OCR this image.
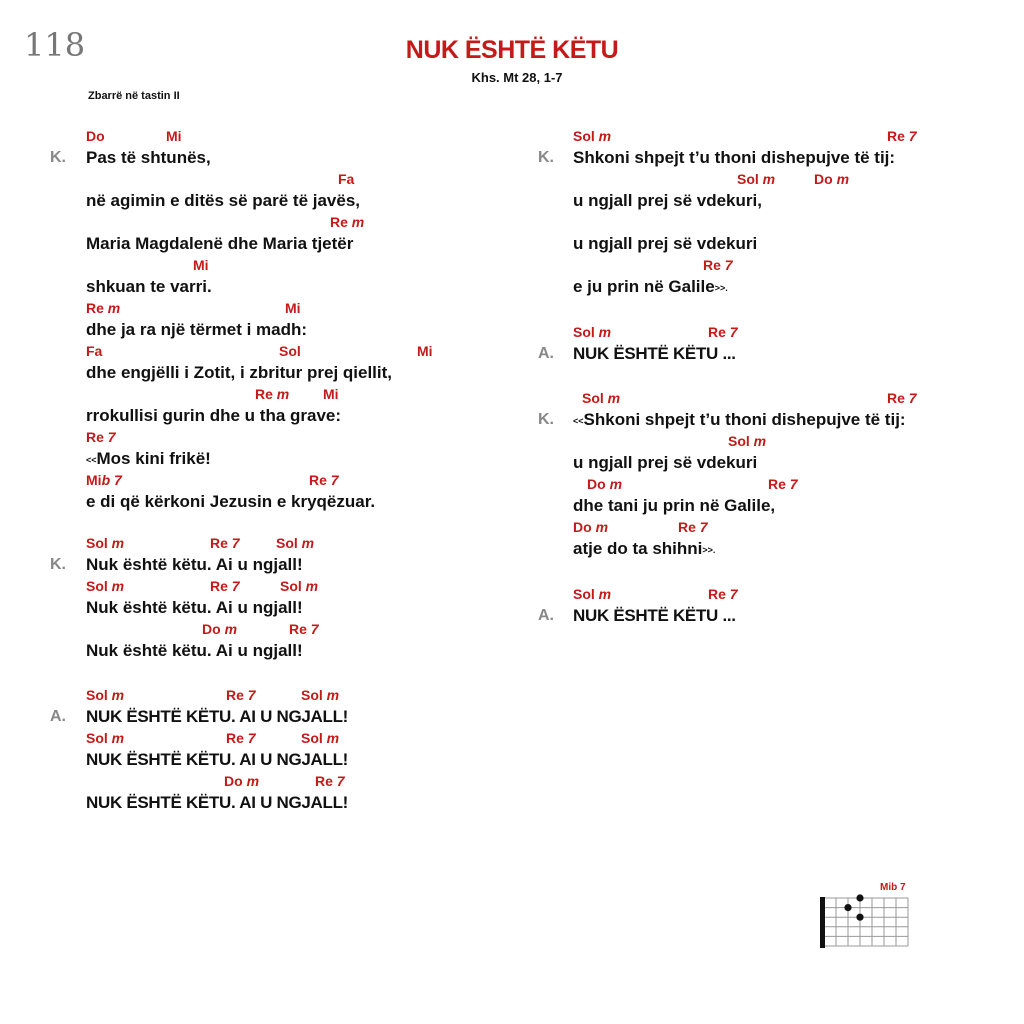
118	NUK ËSHTË KËTU
Khs. Mt 28, 1-7
Zbarrë në tastin II
Do	Mi
K. Pas të shtunës,
Fa
në agimin e ditës së parë të javës,
Re m
Maria Magdalenë dhe Maria tjetër
Mi
shkuan te varri.
Re m	Mi
dhe ja ra një tërmet i madh:
Fa	Sol	Mi
dhe engjëlli i Zotit, i zbritur prej qiellit,
Re m Mi
rrokullisi gurin dhe u tha grave:
Re 7
<<Mos kini frikë!
Mib 7	Re 7
e di që kërkoni Jezusin e kryqëzuar.
Sol m	Re 7	Sol m
K. Nuk është këtu. Ai u ngjall!
Sol m	Re 7	Sol m
Nuk është këtu. Ai u ngjall!
Do m	Re 7
Nuk është këtu. Ai u ngjall!
Sol m	Re 7	Sol m
A. NUK ËSHTË KËTU. AI U NGJALL!
Sol m	Re 7	Sol m
NUK ËSHTË KËTU. AI U NGJALL!
Do m	Re 7
NUK ËSHTË KËTU. AI U NGJALL!
Sol m	Re 7
K. Shkoni shpejt t’u thoni dishepujve të tij:
Sol m	Do m
u ngjall prej së vdekuri,
u ngjall prej së vdekuri
Re 7
e ju prin në Galile>>.
Sol m	Re 7
A. NUK ËSHTË KËTU ...
Sol m	Re 7
K. <<Shkoni shpejt t’u thoni dishepujve të tij:
Sol m
u ngjall prej së vdekuri
Do m	Re 7
dhe tani ju prin në Galile,
Do m	Re 7
atje do ta shihni>>.
Sol m	Re 7
A. NUK ËSHTË KËTU ...
Mib 7
